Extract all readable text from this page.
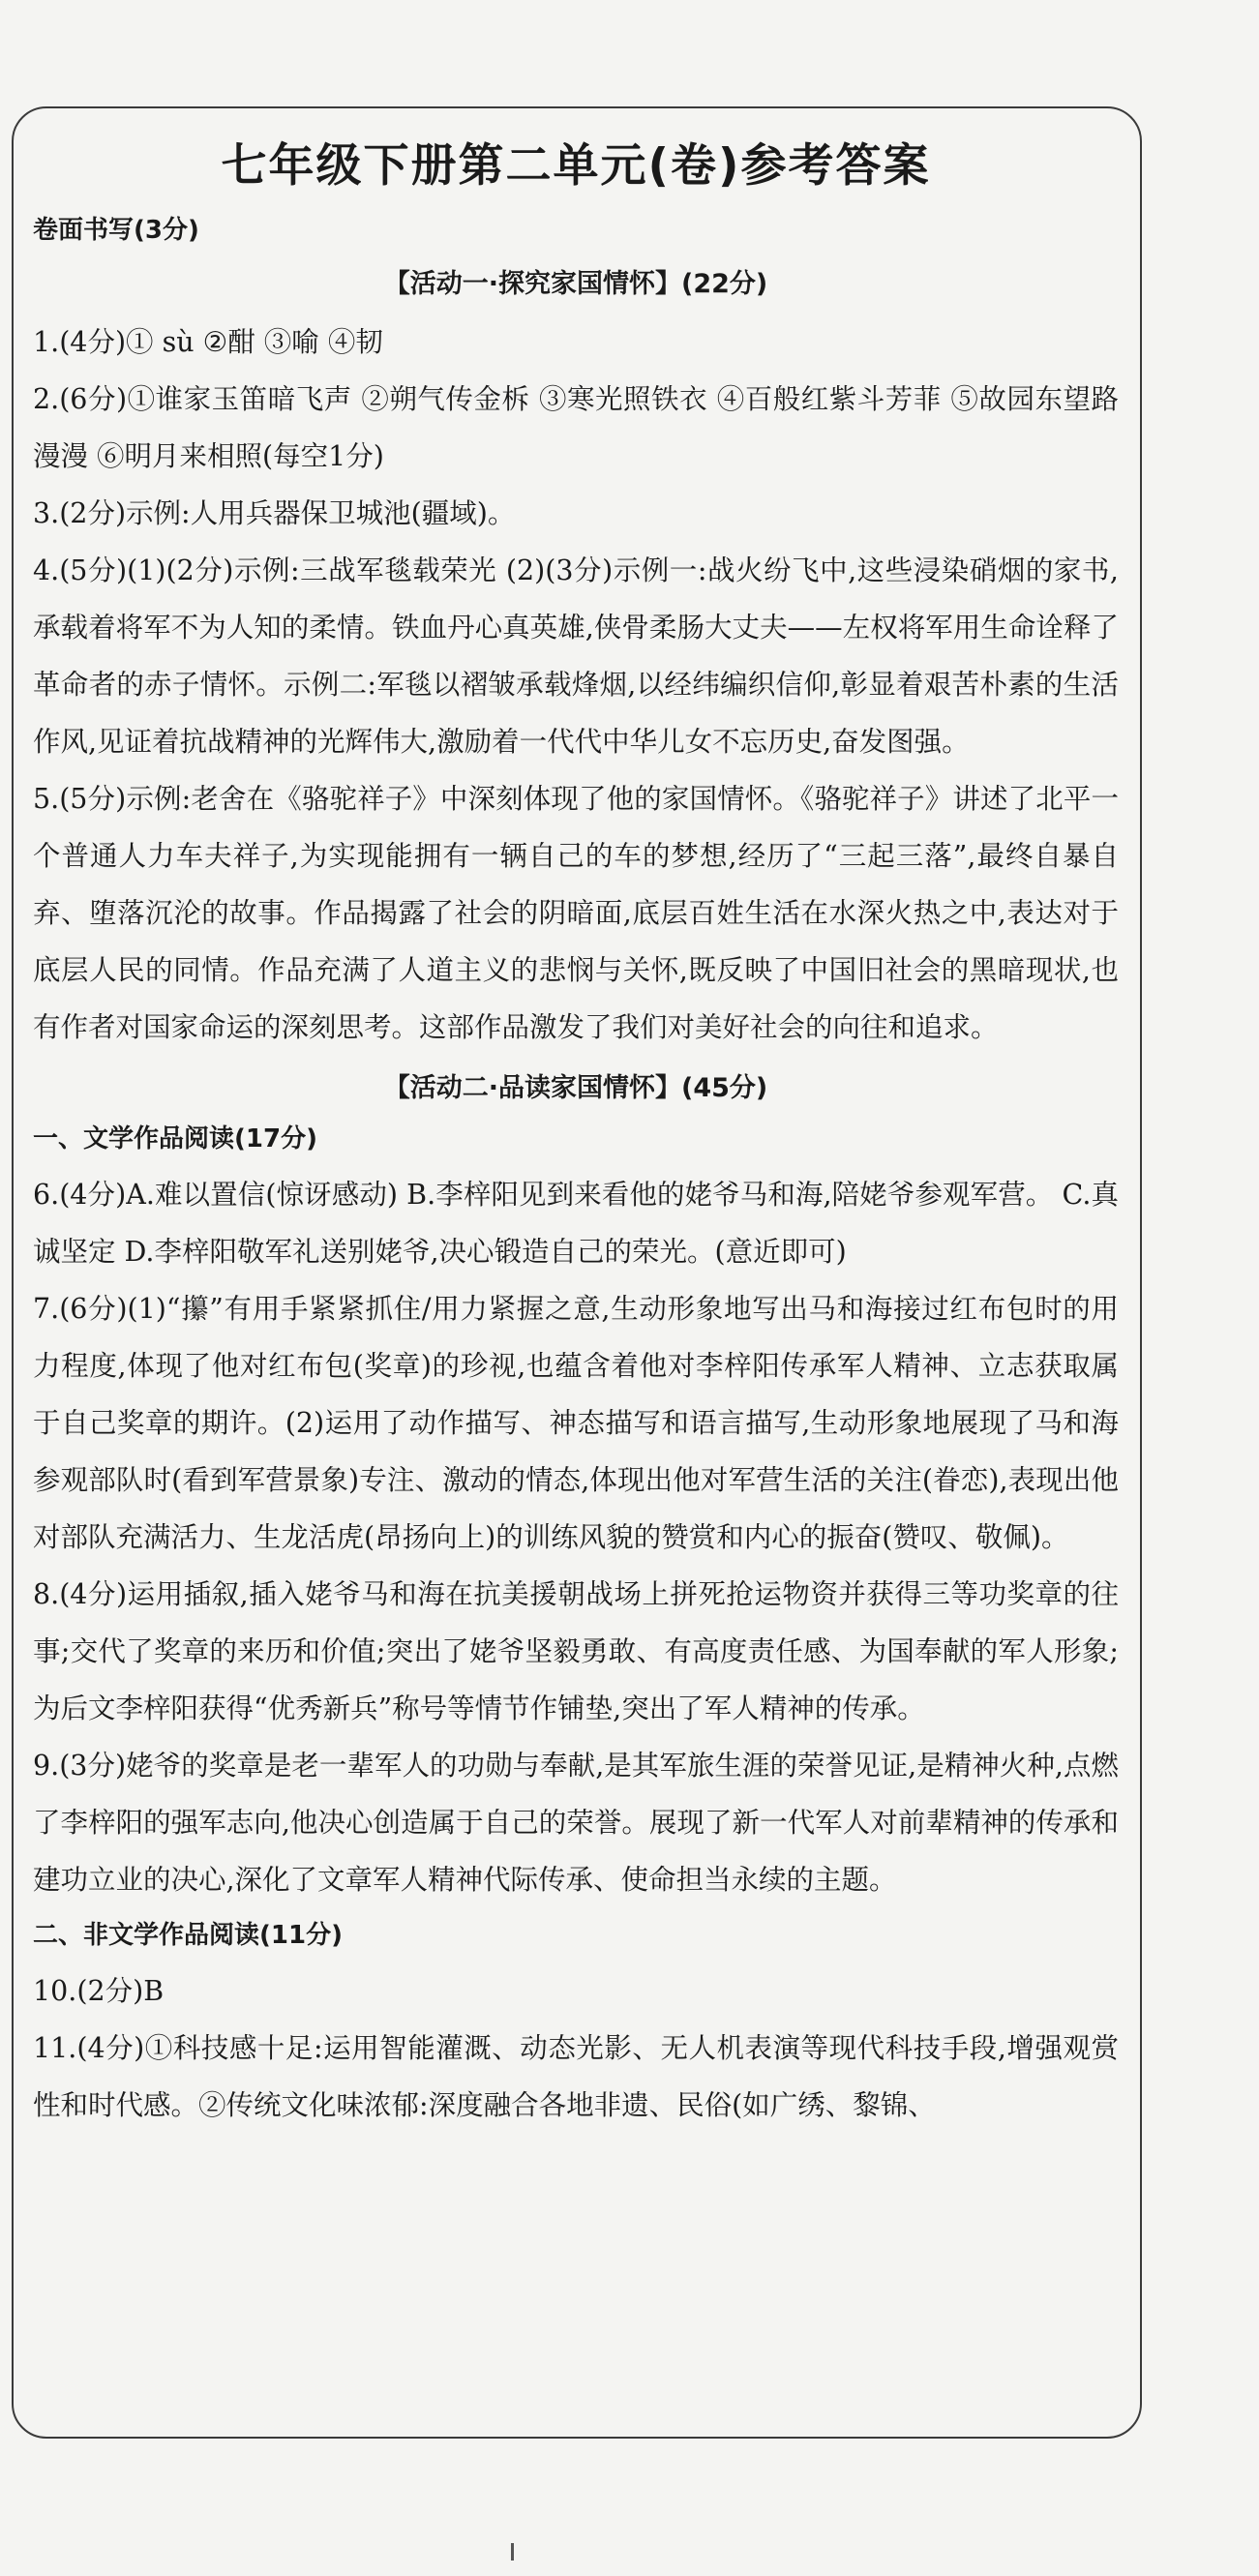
七年级下册第二单元(卷)参考答案
卷面书写(3分)
【活动一·探究家国情怀】(22分)

1.(4分)① sù ②酣 ③喻 ④韧

2.(6分)①谁家玉笛暗飞声 ②朔气传金柝 ③寒光照铁衣 ④百般红紫斗芳菲 ⑤故园东望路漫漫 ⑥明月来相照(每空1分)

3.(2分)示例:人用兵器保卫城池(疆域)。

4.(5分)(1)(2分)示例:三战军毯载荣光 (2)(3分)示例一:战火纷飞中,这些浸染硝烟的家书,承载着将军不为人知的柔情。铁血丹心真英雄,侠骨柔肠大丈夫——左权将军用生命诠释了革命者的赤子情怀。示例二:军毯以褶皱承载烽烟,以经纬编织信仰,彰显着艰苦朴素的生活作风,见证着抗战精神的光辉伟大,激励着一代代中华儿女不忘历史,奋发图强。

5.(5分)示例:老舍在《骆驼祥子》中深刻体现了他的家国情怀。《骆驼祥子》讲述了北平一个普通人力车夫祥子,为实现能拥有一辆自己的车的梦想,经历了“三起三落”,最终自暴自弃、堕落沉沦的故事。作品揭露了社会的阴暗面,底层百姓生活在水深火热之中,表达对于底层人民的同情。作品充满了人道主义的悲悯与关怀,既反映了中国旧社会的黑暗现状,也有作者对国家命运的深刻思考。这部作品激发了我们对美好社会的向往和追求。

【活动二·品读家国情怀】(45分)
一、文学作品阅读(17分)

6.(4分)A.难以置信(惊讶感动) B.李梓阳见到来看他的姥爷马和海,陪姥爷参观军营。 C.真诚坚定 D.李梓阳敬军礼送别姥爷,决心锻造自己的荣光。(意近即可)

7.(6分)(1)“攥”有用手紧紧抓住/用力紧握之意,生动形象地写出马和海接过红布包时的用力程度,体现了他对红布包(奖章)的珍视,也蕴含着他对李梓阳传承军人精神、立志获取属于自己奖章的期许。(2)运用了动作描写、神态描写和语言描写,生动形象地展现了马和海参观部队时(看到军营景象)专注、激动的情态,体现出他对军营生活的关注(眷恋),表现出他对部队充满活力、生龙活虎(昂扬向上)的训练风貌的赞赏和内心的振奋(赞叹、敬佩)。

8.(4分)运用插叙,插入姥爷马和海在抗美援朝战场上拼死抢运物资并获得三等功奖章的往事;交代了奖章的来历和价值;突出了姥爷坚毅勇敢、有高度责任感、为国奉献的军人形象;为后文李梓阳获得“优秀新兵”称号等情节作铺垫,突出了军人精神的传承。

9.(3分)姥爷的奖章是老一辈军人的功勋与奉献,是其军旅生涯的荣誉见证,是精神火种,点燃了李梓阳的强军志向,他决心创造属于自己的荣誉。展现了新一代军人对前辈精神的传承和建功立业的决心,深化了文章军人精神代际传承、使命担当永续的主题。

二、非文学作品阅读(11分)

10.(2分)B

11.(4分)①科技感十足:运用智能灌溉、动态光影、无人机表演等现代科技手段,增强观赏性和时代感。②传统文化味浓郁:深度融合各地非遗、民俗(如广绣、黎锦、
